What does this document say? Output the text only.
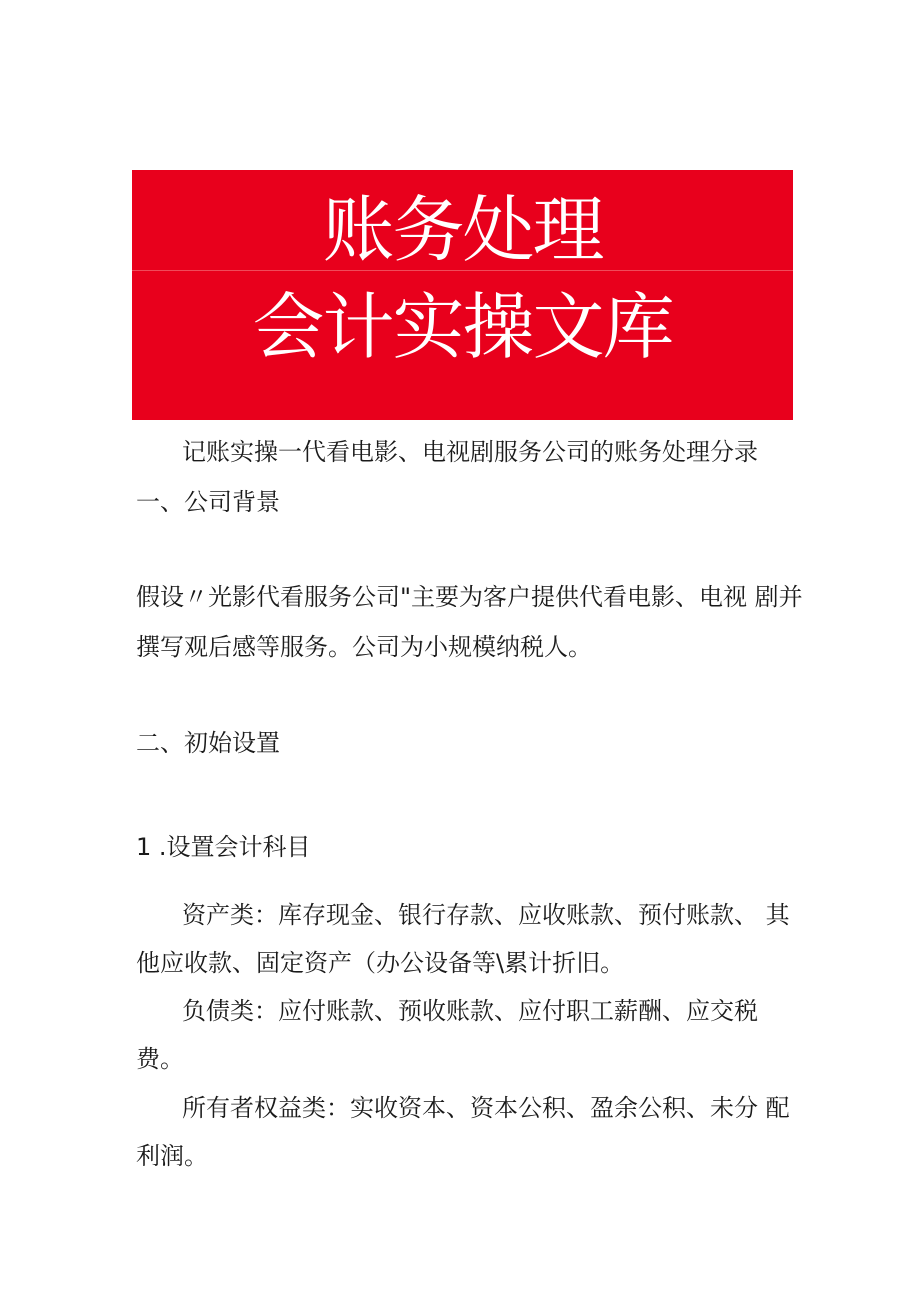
账务处理
会计实操文库
记账实操一代看电影、电视剧服务公司的账务处理分录
一、公司背景
假设〃光影代看服务公司"主要为客户提供代看电影、电视 剧并
撰写观后感等服务。公司为小规模纳税人。
二、初始设置
1 .设置会计科目
资产类：库存现金、银行存款、应收账款、预付账款、 其
他应收款、固定资产（办公设备等\累计折旧。
负债类：应付账款、预收账款、应付职工薪酬、应交税
费。
所有者权益类：实收资本、资本公积、盈余公积、未分 配
利润。
